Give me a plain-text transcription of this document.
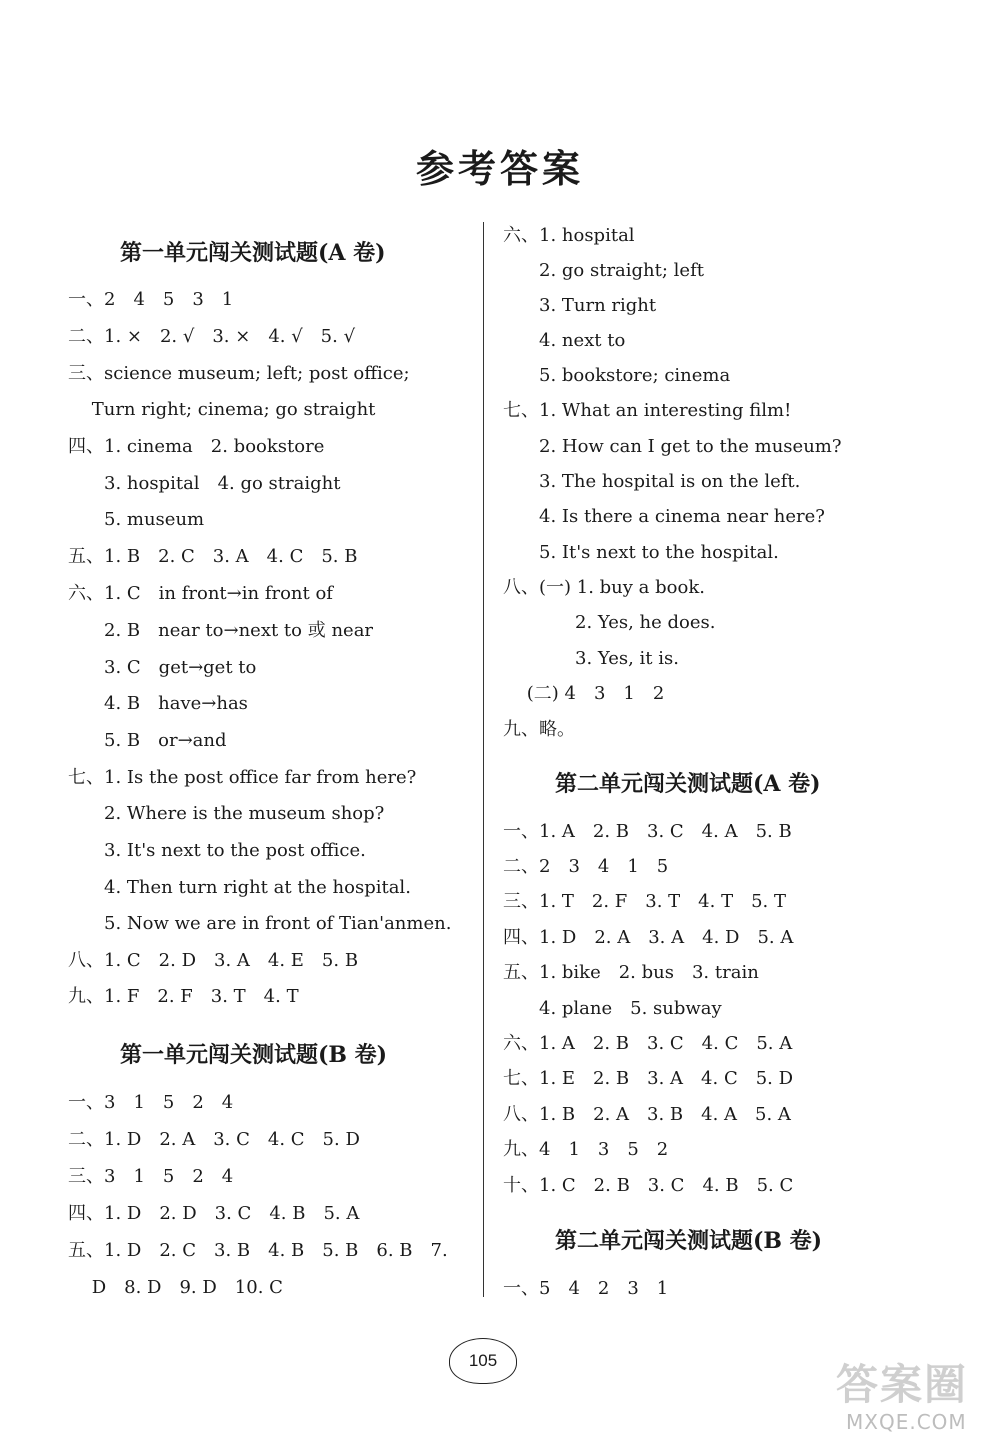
参考答案
第一单元闯关测试题(A 卷)
一、2　4　5　3　1
二、1. ×　2. √　3. ×　4. √　5. √
三、science museum; left; post office;
　 Turn right; cinema; go straight
四、1. cinema　2. bookstore
　　3. hospital　4. go straight
　　5. museum
五、1. B　2. C　3. A　4. C　5. B
六、1. C　in front→in front of
　　2. B　near to→next to 或 near
　　3. C　get→get to
　　4. B　have→has
　　5. B　or→and
七、1. Is the post office far from here?
　　2. Where is the museum shop?
　　3. It's next to the post office.
　　4. Then turn right at the hospital.
　　5. Now we are in front of Tian'anmen.
八、1. C　2. D　3. A　4. E　5. B
九、1. F　2. F　3. T　4. T
第一单元闯关测试题(B 卷)
一、3　1　5　2　4
二、1. D　2. A　3. C　4. C　5. D
三、3　1　5　2　4
四、1. D　2. D　3. C　4. B　5. A
五、1. D　2. C　3. B　4. B　5. B　6. B　7.
　 D　8. D　9. D　10. C
六、1. hospital
　　2. go straight; left
　　3. Turn right
　　4. next to
　　5. bookstore; cinema
七、1. What an interesting film!
　　2. How can I get to the museum?
　　3. The hospital is on the left.
　　4. Is there a cinema near here?
　　5. It's next to the hospital.
八、(一) 1. buy a book.
　　　　2. Yes, he does.
　　　　3. Yes, it is.
　 (二) 4　3　1　2
九、略。
第二单元闯关测试题(A 卷)
一、1. A　2. B　3. C　4. A　5. B
二、2　3　4　1　5
三、1. T　2. F　3. T　4. T　5. T
四、1. D　2. A　3. A　4. D　5. A
五、1. bike　2. bus　3. train
　　4. plane　5. subway
六、1. A　2. B　3. C　4. C　5. A
七、1. E　2. B　3. A　4. C　5. D
八、1. B　2. A　3. B　4. A　5. A
九、4　1　3　5　2
十、1. C　2. B　3. C　4. B　5. C
第二单元闯关测试题(B 卷)
一、5　4　2　3　1
105	答案圈
MXQE.COM
